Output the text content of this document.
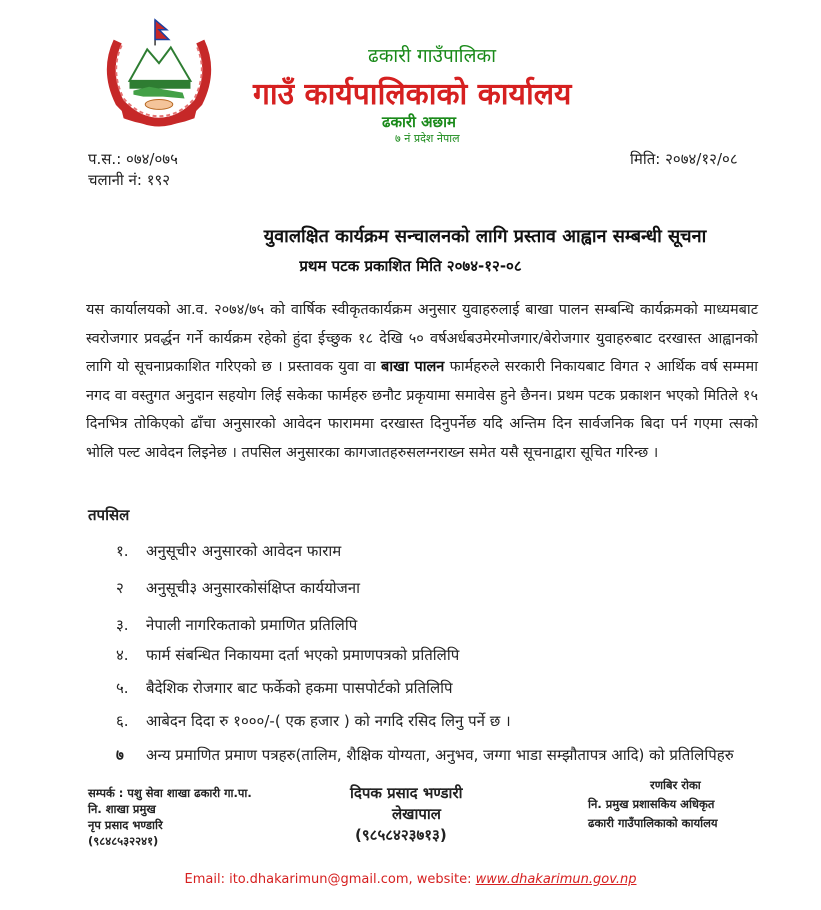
ढकारी गाउँपालिका
गाउँ कार्यपालिकाको कार्यालय
ढकारी अछाम
७ नं प्रदेश नेपाल
प.स.: ०७४/०७५
चलानी नं: १९२
मिति: २०७४/१२/०८
युवालक्षित कार्यक्रम सन्चालनको लागि प्रस्ताव आह्वान सम्बन्धी सूचना
प्रथम पटक प्रकाशित मिति २०७४-१२-०८
यस कार्यालयको आ.व. २०७४/७५ को वार्षिक स्वीकृतकार्यक्रम अनुसार युवाहरुलाई बाखा पालन सम्बन्धि कार्यक्रमको माध्यमबाट स्वरोजगार प्रवर्द्धन गर्ने कार्यक्रम रहेको हुंदा ईच्छुक १८ देखि ५० वर्षअर्धबउमेरमोजगार/बेरोजगार युवाहरुबाट दरखास्त आह्वानको लागि यो सूचनाप्रकाशित गरिएको छ । प्रस्तावक युवा वा बाखा पालन फार्महरुले सरकारी निकायबाट विगत २ आर्थिक वर्ष सम्ममा नगद वा वस्तुगत अनुदान सहयोग लिई सकेका फार्महरु छनौट प्रकृयामा समावेस हुने छैनन। प्रथम पटक प्रकाशन भएको मितिले १५ दिनभित्र तोकिएको ढाँचा अनुसारको आवेदन फाराममा दरखास्त दिनुपर्नेछ यदि अन्तिम दिन सार्वजनिक बिदा पर्न गएमा त्सको भोलि पल्ट आवेदन लिइनेछ । तपसिल अनुसारका कागजातहरुसलग्नराख्न समेत यसै सूचनाद्वारा सूचित गरिन्छ ।
तपसिल
१. अनुसूची२ अनुसारको आवेदन फाराम
२ अनुसूची३ अनुसारकोसंक्षिप्त कार्ययोजना
३. नेपाली नागरिकताको प्रमाणित प्रतिलिपि
४. फार्म संबन्धित निकायमा दर्ता भएको प्रमाणपत्रको प्रतिलिपि
५. बैदेशिक रोजगार बाट फर्केको हकमा पासपोर्टको प्रतिलिपि
६. आबेदन दिदा रु १०००/-( एक हजार ) को नगदि रसिद लिनु पर्ने छ ।
७ अन्य प्रमाणित प्रमाण पत्रहरु(तालिम, शैक्षिक योग्यता, अनुभव, जग्गा भाडा सम्झौतापत्र आदि) को प्रतिलिपिहरु
सम्पर्क : पशु सेवा शाखा ढकारी गा.पा.
नि. शाखा प्रमुख
नृप प्रसाद भण्डारि
(९८४८५३२२४१)
दिपक प्रसाद भण्डारी
लेखापाल
(९८५८४२३७१३)
रणबिर रोका
नि. प्रमुख प्रशासकिय अधिकृत
ढकारी गाउँपालिकाको कार्यालय
Email: ito.dhakarimun@gmail.com, website: www.dhakarimun.gov.np
